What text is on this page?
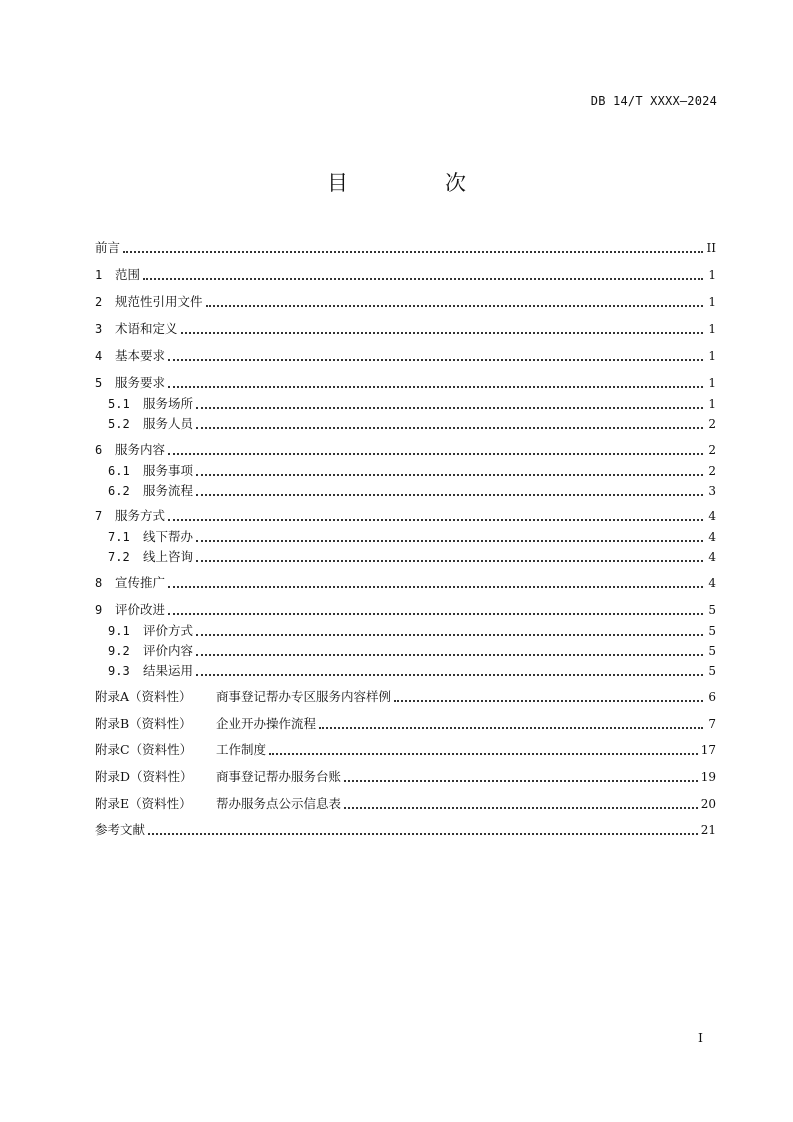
DB 14/T XXXX—2024
目　次
前言	II
1	范围	1
2	规范性引用文件	1
3	术语和定义	1
4	基本要求	1
5	服务要求	1
5.1	服务场所	1
5.2	服务人员	2
6	服务内容	2
6.1	服务事项	2
6.2	服务流程	3
7	服务方式	4
7.1	线下帮办	4
7.2	线上咨询	4
8	宣传推广	4
9	评价改进	5
9.1	评价方式	5
9.2	评价内容	5
9.3	结果运用	5
附录A（资料性）	商事登记帮办专区服务内容样例	6
附录B（资料性）	企业开办操作流程	7
附录C（资料性）	工作制度	17
附录D（资料性）	商事登记帮办服务台账	19
附录E（资料性）	帮办服务点公示信息表	20
参考文献	21
I
